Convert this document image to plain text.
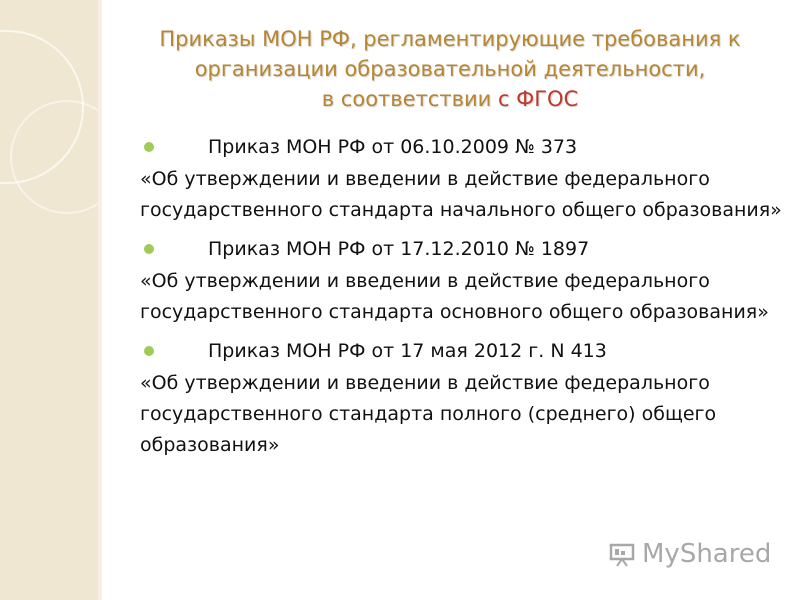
Приказы МОН РФ, регламентирующие требования к
организации образовательной деятельности,
в соответствии с ФГОС
Приказ МОН РФ от 06.10.2009 № 373
«Об утверждении и введении в действие федерального государственного стандарта начального общего образования»
Приказ МОН РФ от 17.12.2010 № 1897
«Об утверждении и введении в действие федерального государственного стандарта основного общего образования»
Приказ МОН РФ от 17 мая 2012 г. N 413
«Об утверждении и введении в действие федерального государственного стандарта полного (среднего) общего образования»
MyShared
